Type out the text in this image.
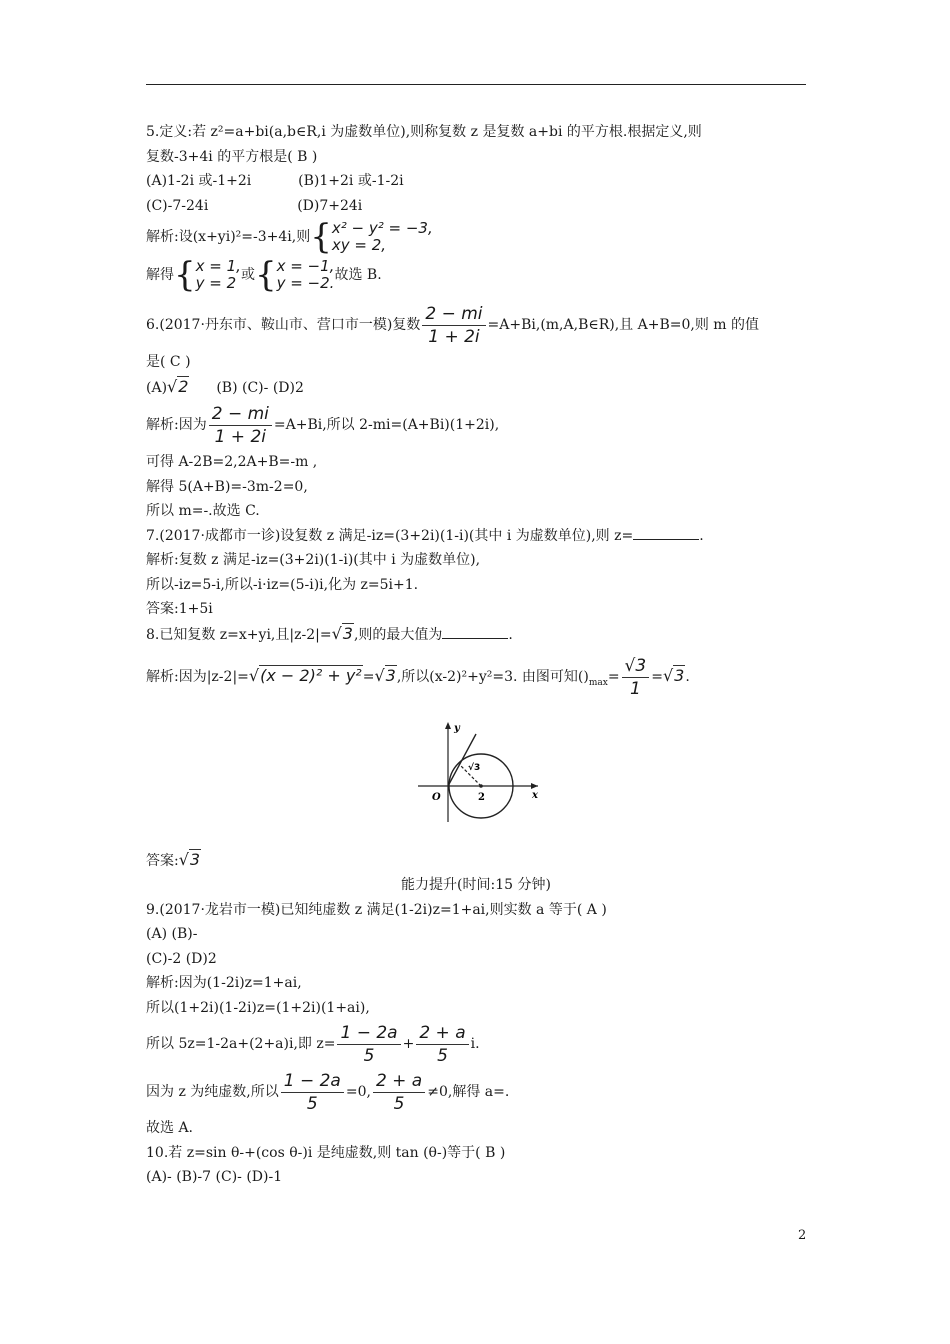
5.定义:若 z²=a+bi(a,b∈R,i 为虚数单位),则称复数 z 是复数 a+bi 的平方根.根据定义,则
复数-3+4i 的平方根是( B )
(A)1-2i 或-1+2i	(B)1+2i 或-1-2i
(C)-7-24i	(D)7+24i
解析:设(x+yi)²=-3+4i,则 { x² − y² = −3,
xy = 2,
解得 { x = 1,
y = 2 或 { x = −1,
y = −2. 故选 B.
6.(2017·丹东市、鞍山市、营口市一模)复数 $\frac{2 - mi}{1 + 2i}$ =A+Bi,(m,A,B∈R),且 A+B=0,则 m 的值
是( C )
(A)√2 (B) (C)- (D)2
解析:因为 $\frac{2 - mi}{1 + 2i} =A+Bi$,所以 2-mi=(A+Bi)(1+2i),
可得 A-2B=2,2A+B=-m ,
解得 5(A+B)=-3m-2=0,
所以 m=-.故选 C.
7.(2017·成都市一诊)设复数 z 满足-iz=(3+2i)(1-i)(其中 i 为虚数单位),则 z=	.
解析:复数 z 满足-iz=(3+2i)(1-i)(其中 i 为虚数单位),
所以-iz=5-i,所以-i·iz=(5-i)i,化为 z=5i+1.
答案:1+5i
8.已知复数 z=x+yi,且|z-2|=√3,则的最大值为	.
解析:因为|z-2|=√(x − 2)² + y²=√3,所以(x-2)²+y²=3. 由图可知$()_{max}= \frac{√3}{1} =√3$.
y
x
O	2
√3
答案:√3
能力提升(时间:15 分钟)
9.(2017·龙岩市一模)已知纯虚数 z 满足(1-2i)z=1+ai,则实数 a 等于( A )
(A) (B)-
(C)-2 (D)2
解析:因为(1-2i)z=1+ai,
所以(1+2i)(1-2i)z=(1+2i)(1+ai),
所以 5z=1-2a+(2+a)i,即 $z= \frac{1 - 2a}{5} + \frac{2 + a}{5} i$.
因为 z 为纯虚数,所以 $\frac{1 - 2a}{5} =0$, $\frac{2 + a}{5} \ne 0$,解得 a=.
故选 A.
10.若 z=sin θ-+(cos θ-)i 是纯虚数,则 tan (θ-)等于( B )
(A)- (B)-7 (C)- (D)-1
2
